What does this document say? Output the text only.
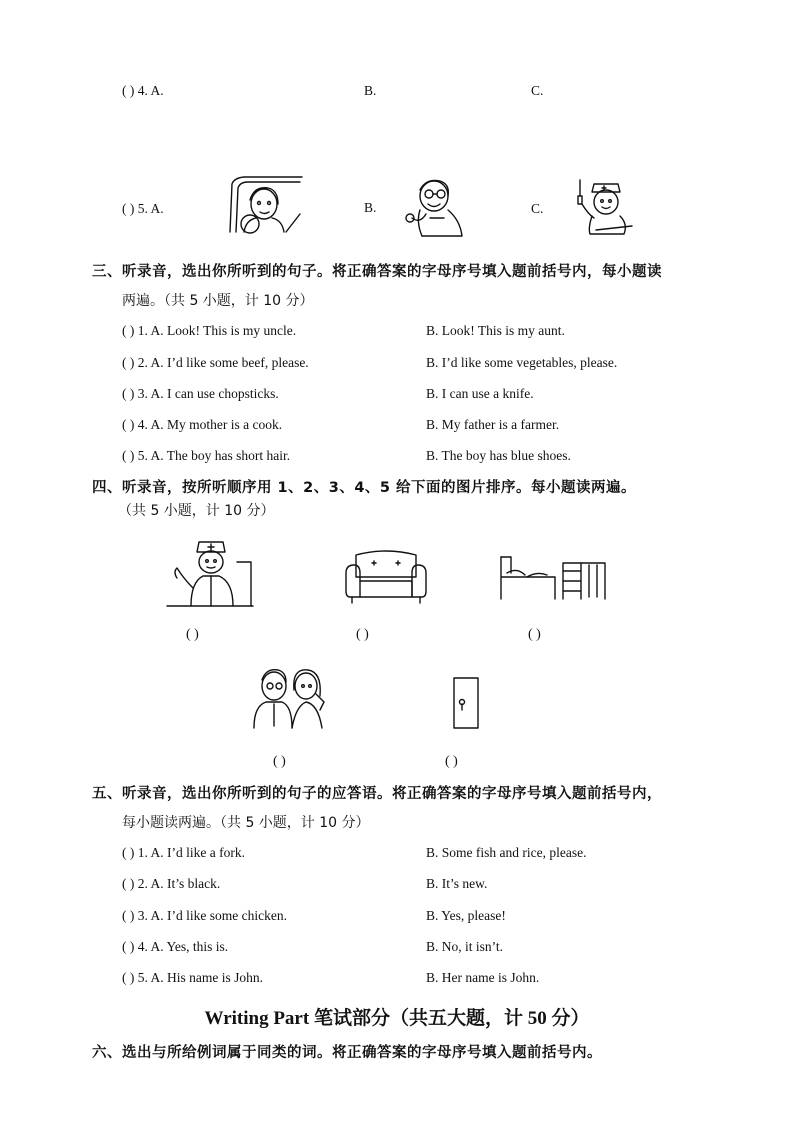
( ) 4. A.	B.	C.
( ) 5. A.	B.	C.
三、听录音，选出你所听到的句子。将正确答案的字母序号填入题前括号内，每小题读
两遍。（共 5 小题，计 10 分）
( ) 1. A. Look! This is my uncle.	B. Look! This is my aunt.
( ) 2. A. I’d like some beef, please.	B. I’d like some vegetables, please.
( ) 3. A. I can use chopsticks.	B. I can use a knife.
( ) 4. A. My mother is a cook.	B. My father is a farmer.
( ) 5. A. The boy has short hair.	B. The boy has blue shoes.
四、听录音，按所听顺序用 1、2、3、4、5 给下面的图片排序。每小题读两遍。
（共 5 小题，计 10 分）
( )	( )	( )
( )	( )
五、听录音，选出你所听到的句子的应答语。将正确答案的字母序号填入题前括号内，
每小题读两遍。（共 5 小题，计 10 分）
( ) 1. A. I’d like a fork.	B. Some fish and rice, please.
( ) 2. A. It’s black.	B. It’s new.
( ) 3. A. I’d like some chicken.	B. Yes, please!
( ) 4. A. Yes, this is.	B. No, it isn’t.
( ) 5. A. His name is John.	B. Her name is John.
Writing Part 笔试部分（共五大题，计 50 分）
六、选出与所给例词属于同类的词。将正确答案的字母序号填入题前括号内。
